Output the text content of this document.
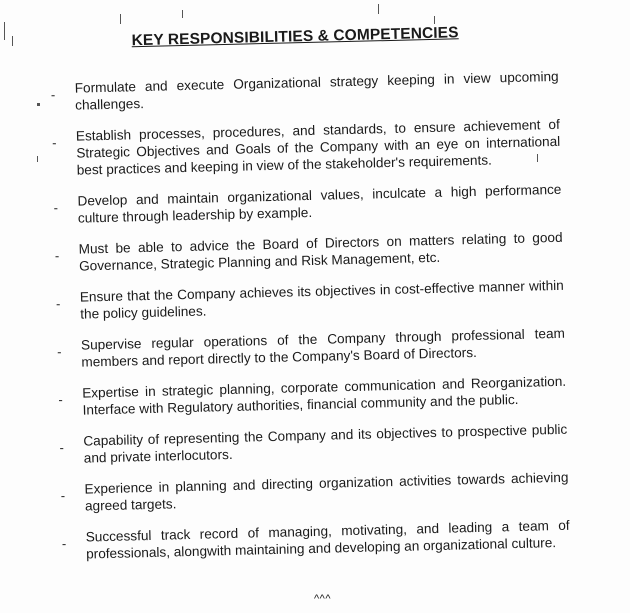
KEY RESPONSIBILITIES & COMPETENCIES
- Formulate and execute Organizational strategy keeping in view upcoming challenges.
- Establish processes, procedures, and standards, to ensure achievement of Strategic Objectives and Goals of the Company with an eye on international best practices and keeping in view of the stakeholder's requirements.
- Develop and maintain organizational values, inculcate a high performance culture through leadership by example.
- Must be able to advice the Board of Directors on matters relating to good Governance, Strategic Planning and Risk Management, etc.
- Ensure that the Company achieves its objectives in cost-effective manner within the policy guidelines.
- Supervise regular operations of the Company through professional team members and report directly to the Company's Board of Directors.
- Expertise in strategic planning, corporate communication and Reorganization. Interface with Regulatory authorities, financial community and the public.
- Capability of representing the Company and its objectives to prospective public and private interlocutors.
- Experience in planning and directing organization activities towards achieving agreed targets.
- Successful track record of managing, motivating, and leading a team of professionals, alongwith maintaining and developing an organizational culture.
^^^
